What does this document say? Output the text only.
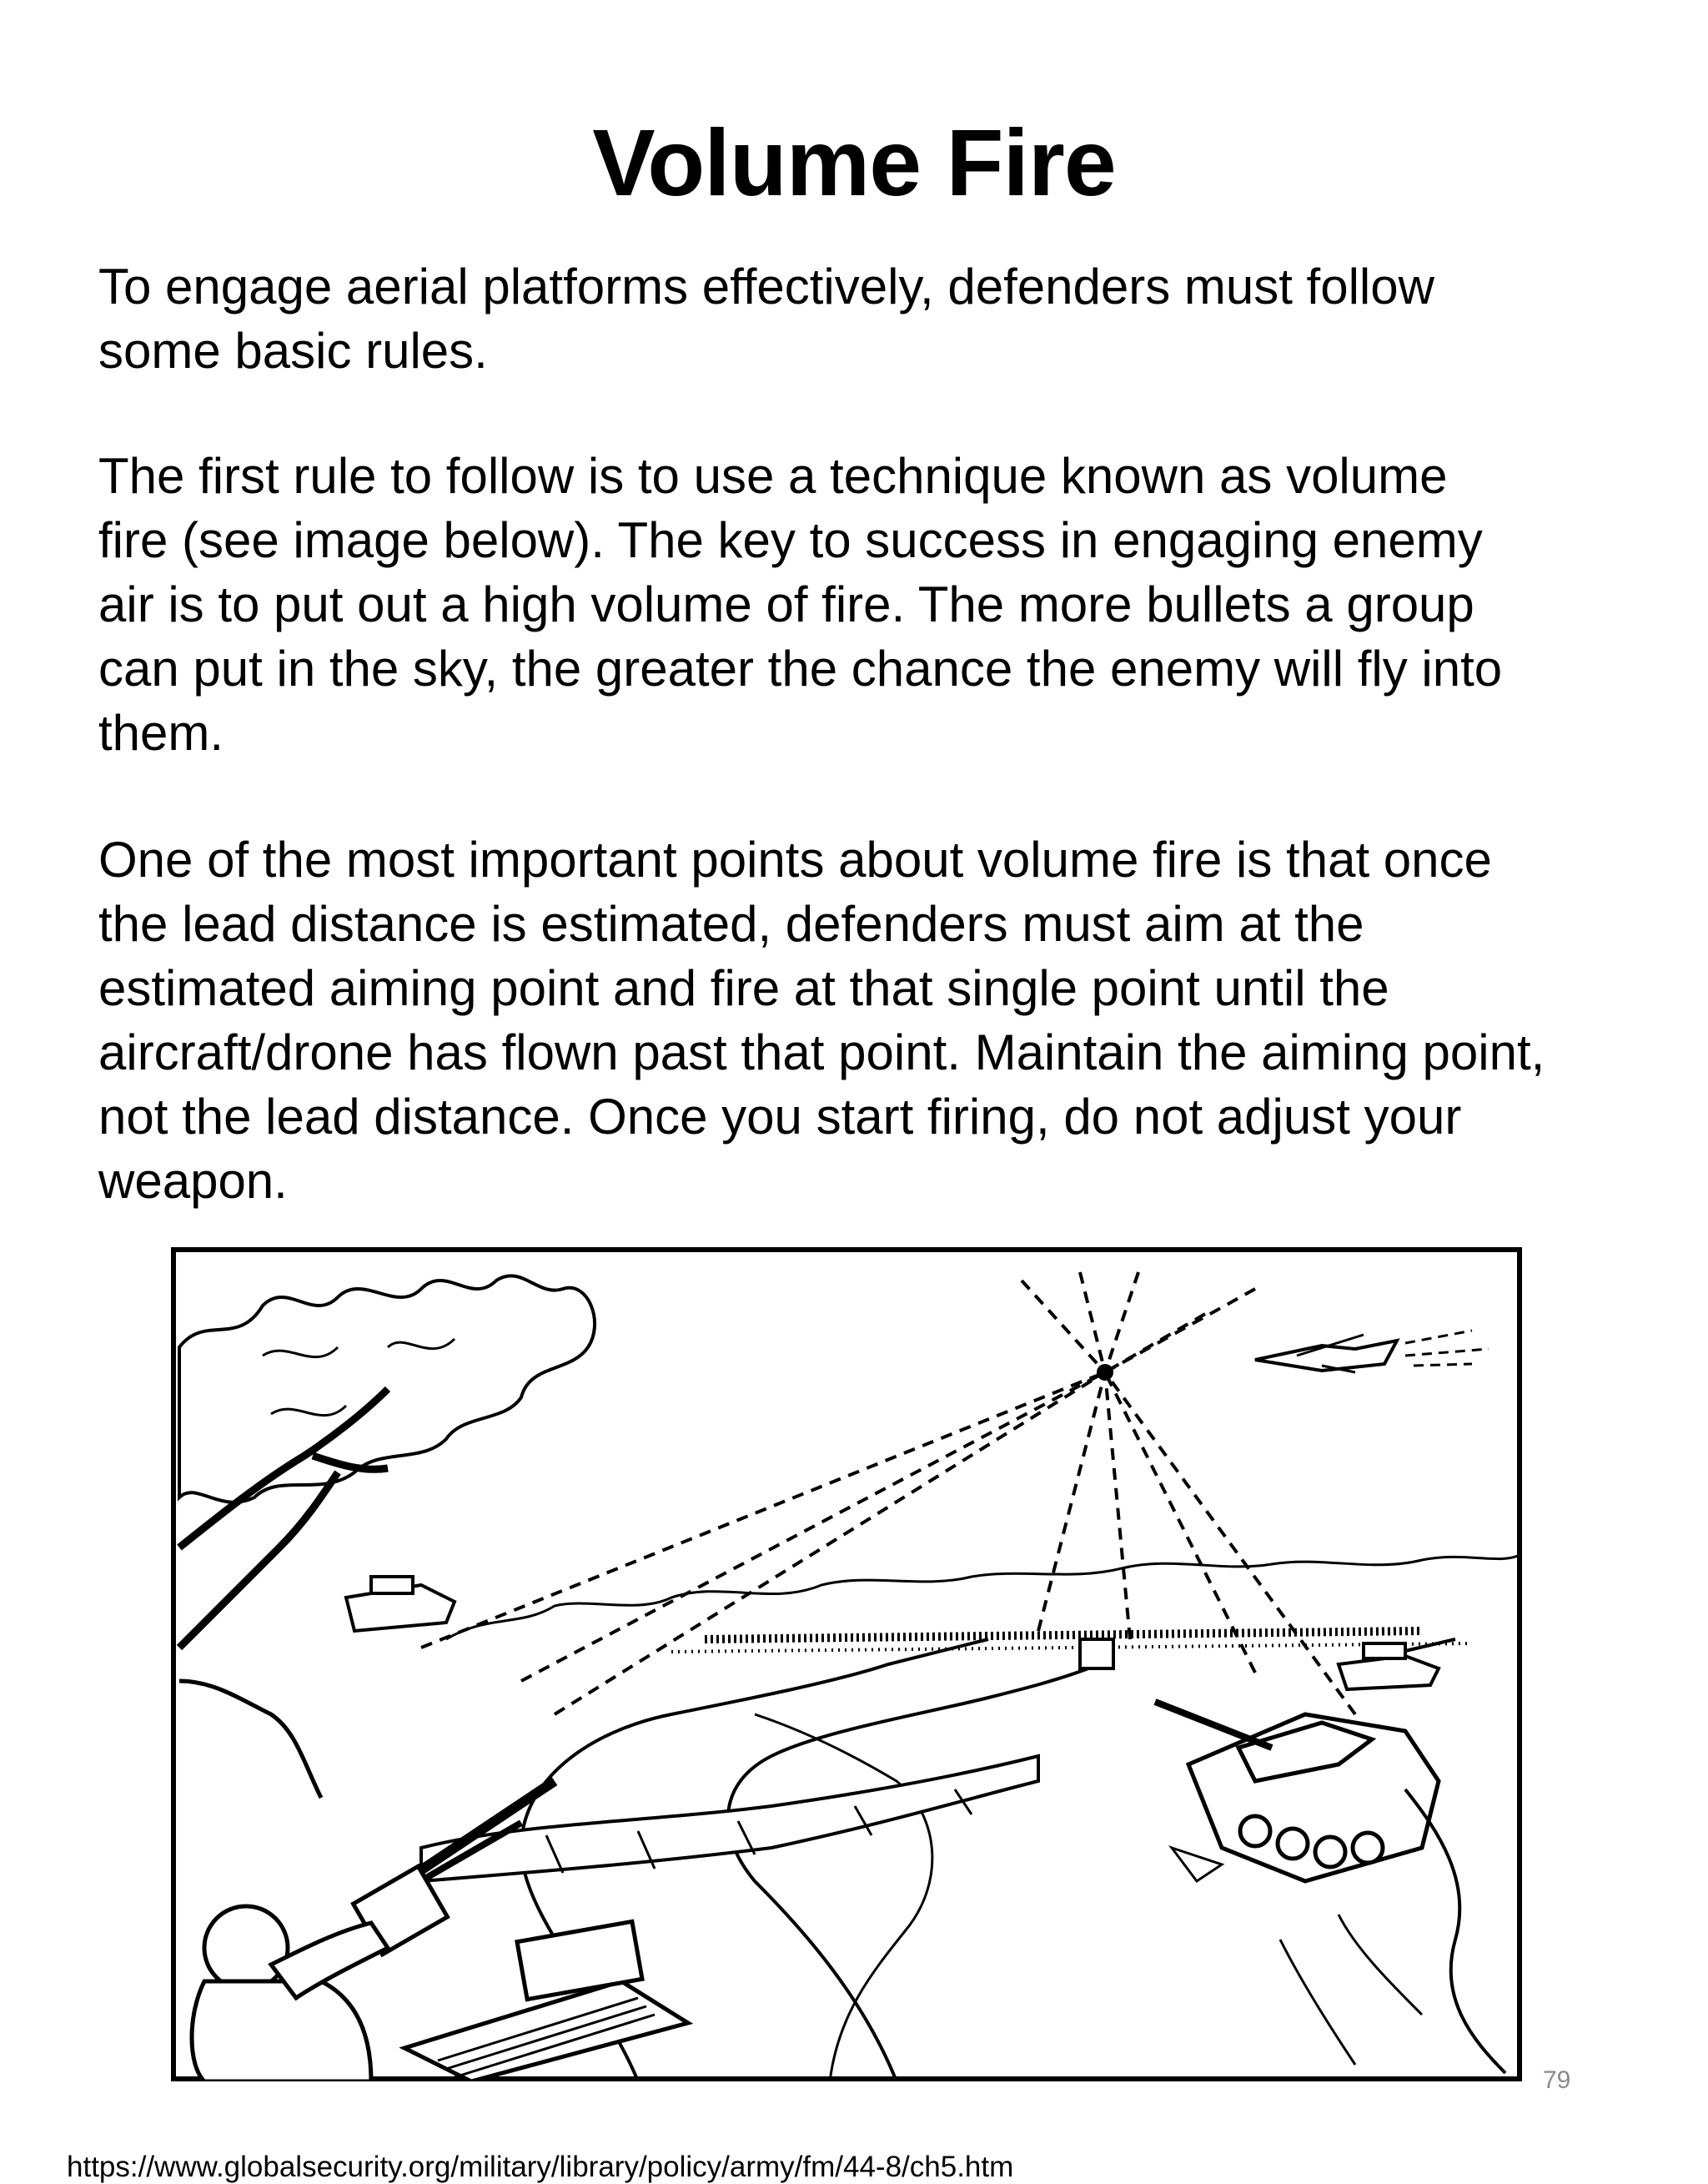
Volume Fire
To engage aerial platforms effectively, defenders must follow
some basic rules.
The first rule to follow is to use a technique known as volume
fire (see image below). The key to success in engaging enemy
air is to put out a high volume of fire. The more bullets a group
can put in the sky, the greater the chance the enemy will fly into
them.
One of the most important points about volume fire is that once
the lead distance is estimated, defenders must aim at the
estimated aiming point and fire at that single point until the
aircraft/drone has flown past that point. Maintain the aiming point,
not the lead distance. Once you start firing, do not adjust your
weapon.
79
https://www.globalsecurity.org/military/library/policy/army/fm/44-8/ch5.htm
